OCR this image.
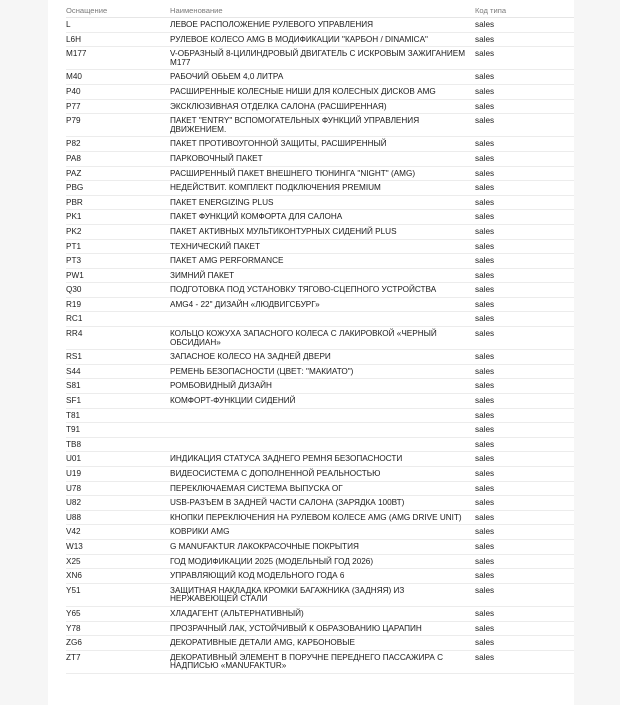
Оснащение	Наименование	Код типа
L	ЛЕВОЕ РАСПОЛОЖЕНИЕ РУЛЕВОГО УПРАВЛЕНИЯ	sales
L6H	РУЛЕВОЕ КОЛЕСО AMG В МОДИФИКАЦИИ "КАРБОН / DINAMICA"	sales
M177	V-ОБРАЗНЫЙ 8-ЦИЛИНДРОВЫЙ ДВИГАТЕЛЬ С ИСКРОВЫМ ЗАЖИГАНИЕМ M177	sales
M40	РАБОЧИЙ ОБЬЕМ 4,0 ЛИТРА	sales
P40	РАСШИРЕННЫЕ КОЛЕСНЫЕ НИШИ ДЛЯ КОЛЕСНЫХ ДИСКОВ AMG	sales
P77	ЭКСКЛЮЗИВНАЯ ОТДЕЛКА САЛОНА (РАСШИРЕННАЯ)	sales
P79	ПАКЕТ "ENTRY" ВСПОМОГАТЕЛЬНЫХ ФУНКЦИЙ УПРАВЛЕНИЯ ДВИЖЕНИЕМ.	sales
P82	ПАКЕТ ПРОТИВОУГОННОЙ ЗАЩИТЫ, РАСШИРЕННЫЙ	sales
PA8	ПАРКОВОЧНЫЙ ПАКЕТ	sales
PAZ	РАСШИРЕННЫЙ ПАКЕТ ВНЕШНЕГО ТЮНИНГА "NIGHT" (AMG)	sales
PBG	НЕДЕЙСТВИТ. КОМПЛЕКТ ПОДКЛЮЧЕНИЯ PREMIUM	sales
PBR	ПАКЕТ ENERGIZING PLUS	sales
PK1	ПАКЕТ ФУНКЦИЙ КОМФОРТА ДЛЯ САЛОНА	sales
PK2	ПАКЕТ АКТИВНЫХ МУЛЬТИКОНТУРНЫХ СИДЕНИЙ PLUS	sales
PT1	ТЕХНИЧЕСКИЙ ПАКЕТ	sales
PT3	ПАКЕТ AMG PERFORMANCE	sales
PW1	ЗИМНИЙ ПАКЕТ	sales
Q30	ПОДГОТОВКА ПОД УСТАНОВКУ ТЯГОВО-СЦЕПНОГО УСТРОЙСТВА	sales
R19	AMG4 - 22" ДИЗАЙН «ЛЮДВИГСБУРГ»	sales
RC1		sales
RR4	КОЛЬЦО КОЖУХА ЗАПАСНОГО КОЛЕСА С ЛАКИРОВКОЙ «ЧЕРНЫЙ ОБСИДИАН»	sales
RS1	ЗАПАСНОЕ КОЛЕСО НА ЗАДНЕЙ ДВЕРИ	sales
S44	РЕМЕНЬ БЕЗОПАСНОСТИ (ЦВЕТ: "МАКИАТО")	sales
S81	РОМБОВИДНЫЙ ДИЗАЙН	sales
SF1	КОМФОРТ-ФУНКЦИИ СИДЕНИЙ	sales
T81		sales
T91		sales
TB8		sales
U01	ИНДИКАЦИЯ СТАТУСА ЗАДНЕГО РЕМНЯ БЕЗОПАСНОСТИ	sales
U19	ВИДЕОСИСТЕМА С ДОПОЛНЕННОЙ РЕАЛЬНОСТЬЮ	sales
U78	ПЕРЕКЛЮЧАЕМАЯ СИСТЕМА ВЫПУСКА ОГ	sales
U82	USB-РАЗЪЕМ В ЗАДНЕЙ ЧАСТИ САЛОНА (ЗАРЯДКА 100ВТ)	sales
U88	КНОПКИ ПЕРЕКЛЮЧЕНИЯ НА РУЛЕВОМ КОЛЕСЕ AMG (AMG DRIVE UNIT)	sales
V42	КОВРИКИ AMG	sales
W13	G MANUFAKTUR ЛАКОКРАСОЧНЫЕ ПОКРЫТИЯ	sales
X25	ГОД МОДИФИКАЦИИ 2025 (МОДЕЛЬНЫЙ ГОД 2026)	sales
XN6	УПРАВЛЯЮЩИЙ КОД МОДЕЛЬНОГО ГОДА 6	sales
Y51	ЗАЩИТНАЯ НАКЛАДКА КРОМКИ БАГАЖНИКА (ЗАДНЯЯ) ИЗ НЕРЖАВЕЮЩЕЙ СТАЛИ	sales
Y65	ХЛАДАГЕНТ (АЛЬТЕРНАТИВНЫЙ)	sales
Y78	ПРОЗРАЧНЫЙ ЛАК, УСТОЙЧИВЫЙ К ОБРАЗОВАНИЮ ЦАРАПИН	sales
ZG6	ДЕКОРАТИВНЫЕ ДЕТАЛИ AMG, КАРБОНОВЫЕ	sales
ZT7	ДЕКОРАТИВНЫЙ ЭЛЕМЕНТ В ПОРУЧНЕ ПЕРЕДНЕГО ПАССАЖИРА С НАДПИСЬЮ «MANUFAKTUR»	sales
